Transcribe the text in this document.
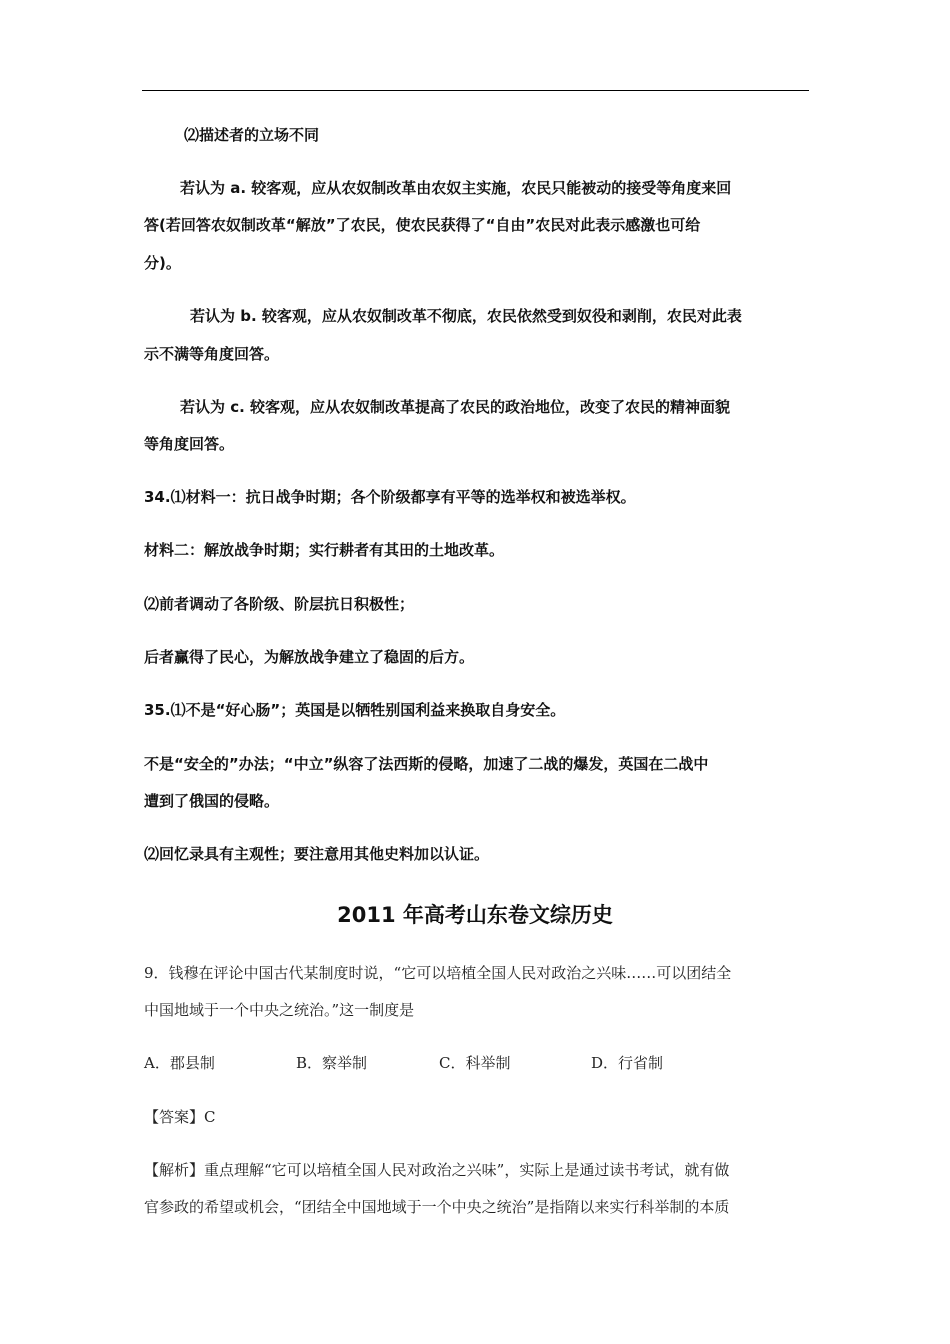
⑵描述者的立场不同
若认为 a. 较客观，应从农奴制改革由农奴主实施，农民只能被动的接受等角度来回
答(若回答农奴制改革“解放”了农民，使农民获得了“自由”农民对此表示感激也可给
分)。
若认为 b. 较客观，应从农奴制改革不彻底，农民依然受到奴役和剥削，农民对此表
示不满等角度回答。
若认为 c. 较客观，应从农奴制改革提高了农民的政治地位，改变了农民的精神面貌
等角度回答。
34.⑴材料一：抗日战争时期；各个阶级都享有平等的选举权和被选举权。
材料二：解放战争时期；实行耕者有其田的土地改革。
⑵前者调动了各阶级、阶层抗日积极性；
后者赢得了民心，为解放战争建立了稳固的后方。
35.⑴不是“好心肠”；英国是以牺牲别国利益来换取自身安全。
不是“安全的”办法；“中立”纵容了法西斯的侵略，加速了二战的爆发，英国在二战中
遭到了俄国的侵略。
⑵回忆录具有主观性；要注意用其他史料加以认证。
2011 年高考山东卷文综历史
9．钱穆在评论中国古代某制度时说，“它可以培植全国人民对政治之兴味……可以团结全
中国地域于一个中央之统治。”这一制度是
A．郡县制	B．察举制	C．科举制	D．行省制
【答案】C
【解析】重点理解“它可以培植全国人民对政治之兴味”，实际上是通过读书考试，就有做
官参政的希望或机会，“团结全中国地域于一个中央之统治”是指隋以来实行科举制的本质
